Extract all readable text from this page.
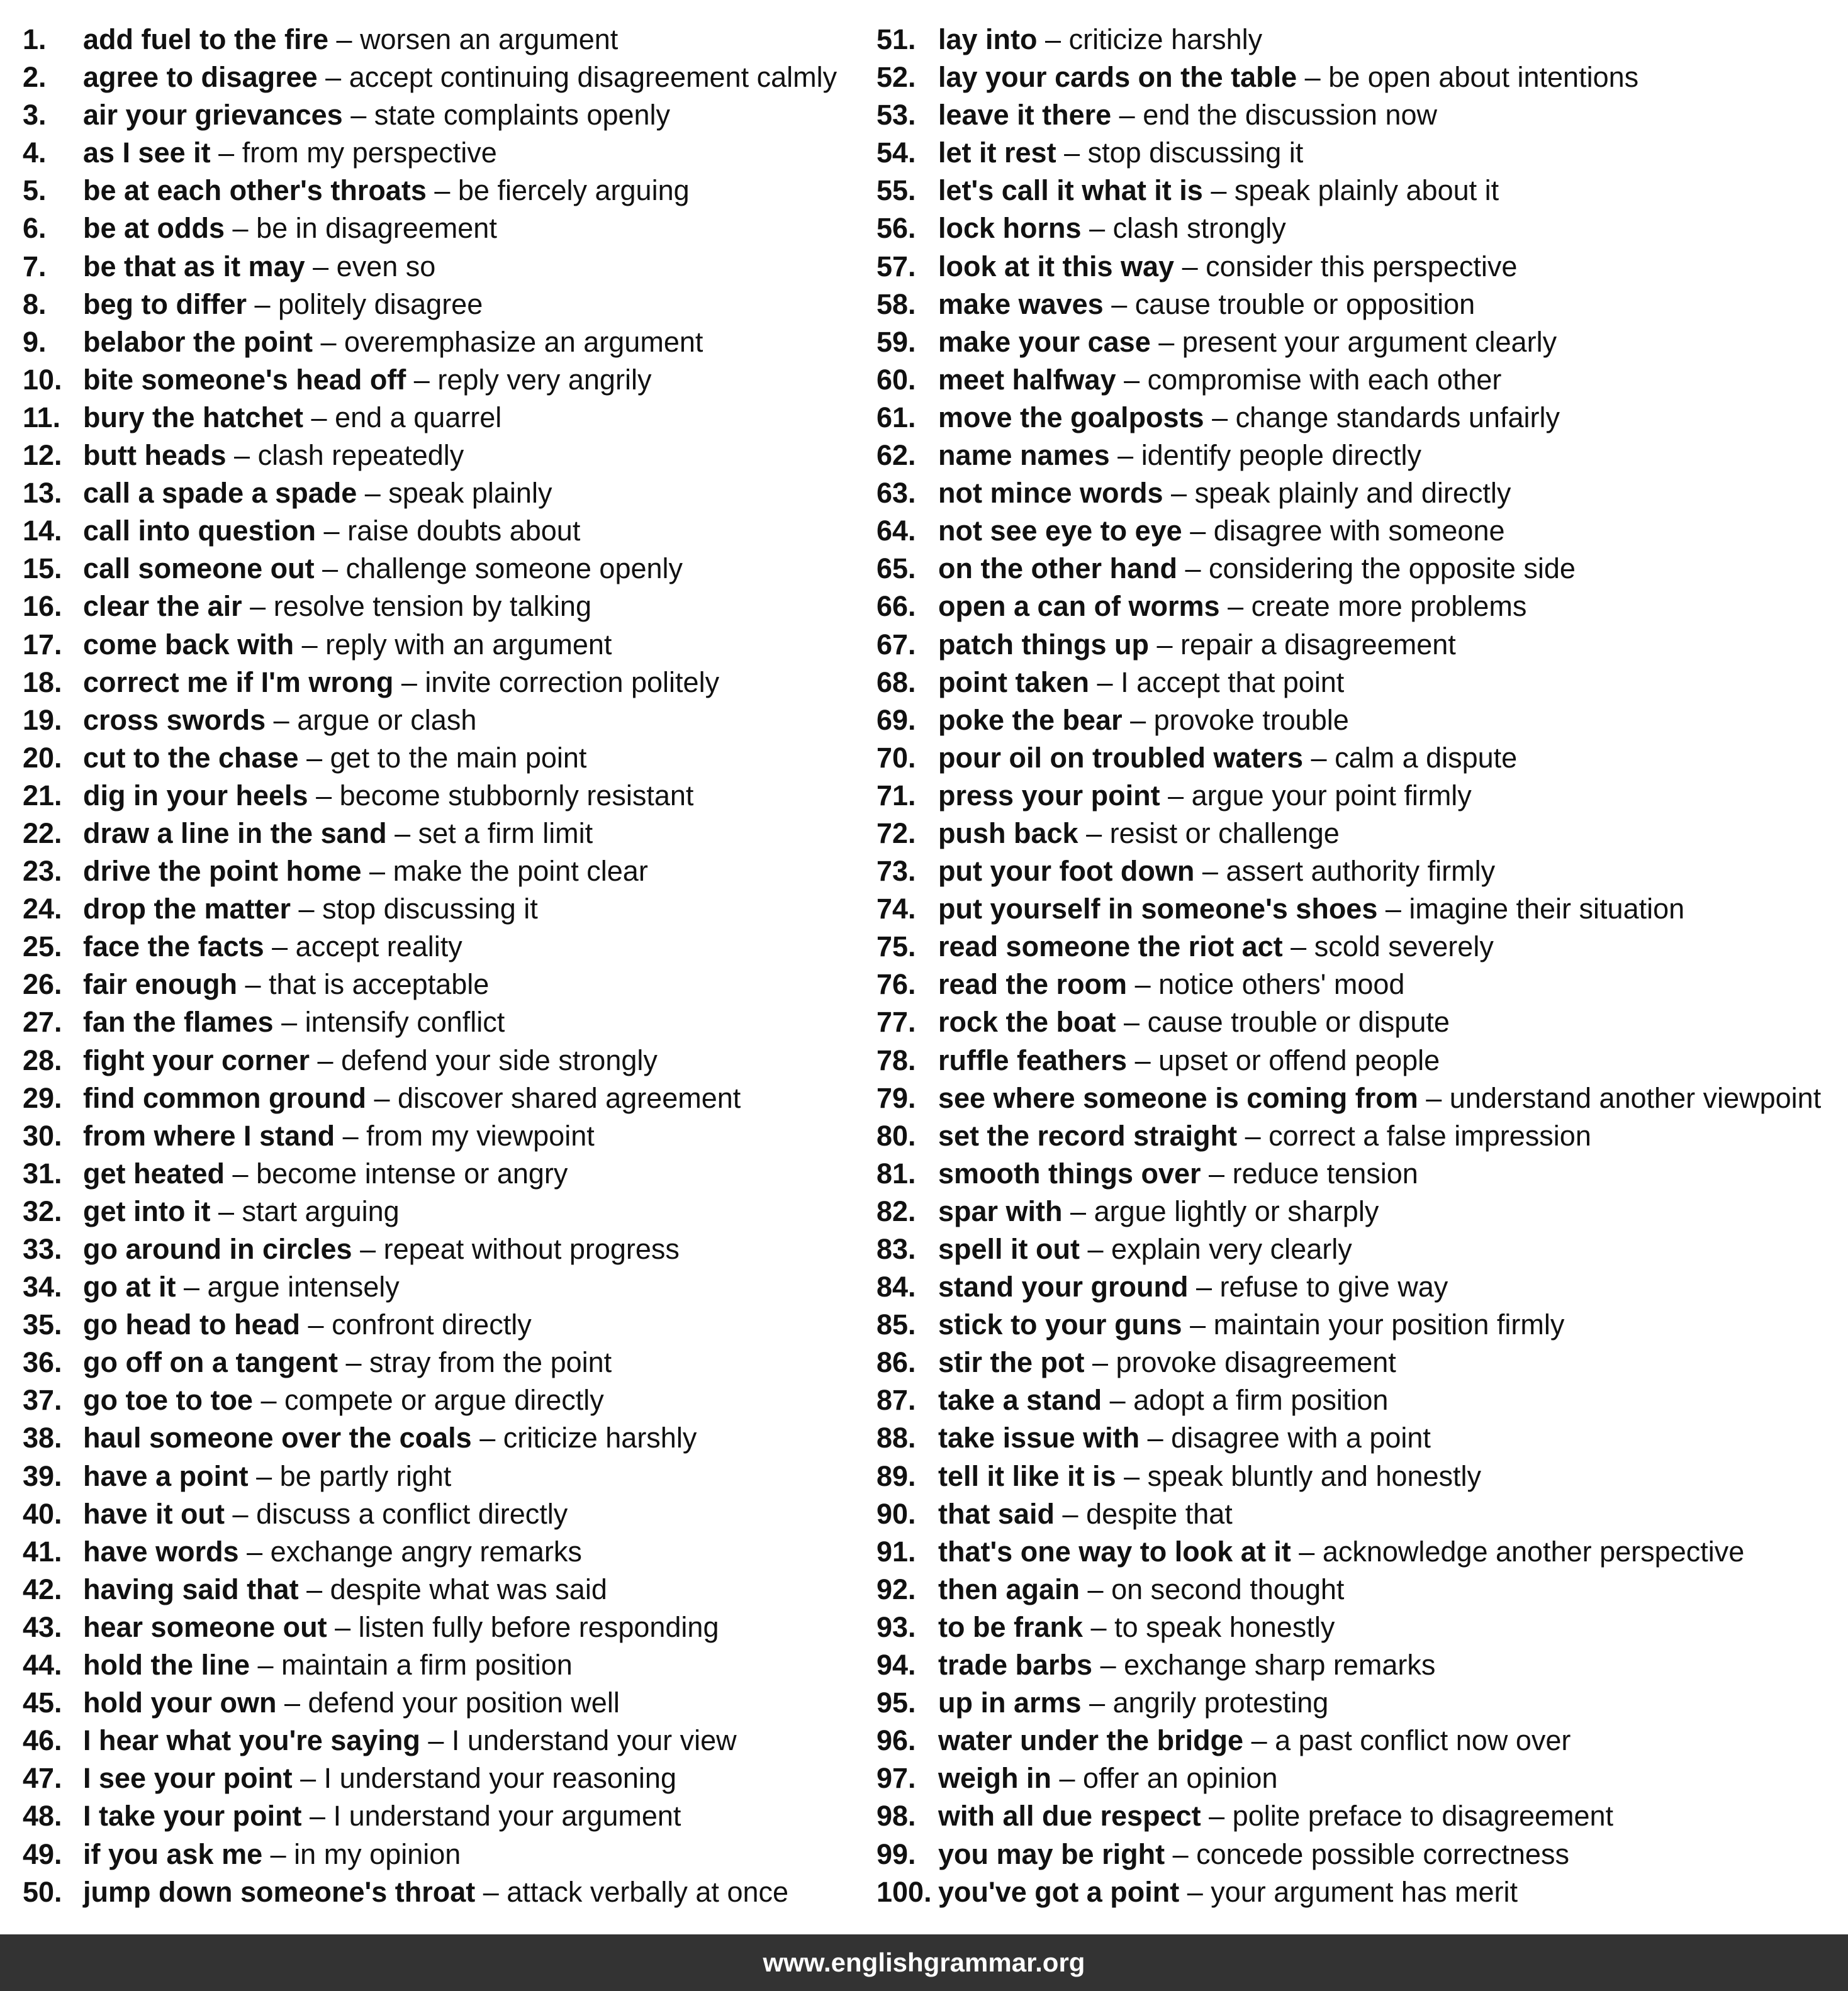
1.	add fuel to the fire – worsen an argument
2.	agree to disagree – accept continuing disagreement calmly
3.	air your grievances – state complaints openly
4.	as I see it – from my perspective
5.	be at each other's throats – be fiercely arguing
6.	be at odds – be in disagreement
7.	be that as it may – even so
8.	beg to differ – politely disagree
9.	belabor the point – overemphasize an argument
10. bite someone's head off – reply very angrily
11. bury the hatchet – end a quarrel
12. butt heads – clash repeatedly
13. call a spade a spade – speak plainly
14. call into question – raise doubts about
15. call someone out – challenge someone openly
16. clear the air – resolve tension by talking
17. come back with – reply with an argument
18. correct me if I'm wrong – invite correction politely
19. cross swords – argue or clash
20. cut to the chase – get to the main point
21. dig in your heels – become stubbornly resistant
22. draw a line in the sand – set a firm limit
23. drive the point home – make the point clear
24. drop the matter – stop discussing it
25. face the facts – accept reality
26. fair enough – that is acceptable
27. fan the flames – intensify conflict
28. fight your corner – defend your side strongly
29. find common ground – discover shared agreement
30. from where I stand – from my viewpoint
31. get heated – become intense or angry
32. get into it – start arguing
33. go around in circles – repeat without progress
34. go at it – argue intensely
35. go head to head – confront directly
36. go off on a tangent – stray from the point
37. go toe to toe – compete or argue directly
38. haul someone over the coals – criticize harshly
39. have a point – be partly right
40. have it out – discuss a conflict directly
41. have words – exchange angry remarks
42. having said that – despite what was said
43. hear someone out – listen fully before responding
44. hold the line – maintain a firm position
45. hold your own – defend your position well
46. I hear what you're saying – I understand your view
47. I see your point – I understand your reasoning
48. I take your point – I understand your argument
49. if you ask me – in my opinion
50. jump down someone's throat – attack verbally at once
51. lay into – criticize harshly
52. lay your cards on the table – be open about intentions
53. leave it there – end the discussion now
54. let it rest – stop discussing it
55. let's call it what it is – speak plainly about it
56. lock horns – clash strongly
57. look at it this way – consider this perspective
58. make waves – cause trouble or opposition
59. make your case – present your argument clearly
60. meet halfway – compromise with each other
61. move the goalposts – change standards unfairly
62. name names – identify people directly
63. not mince words – speak plainly and directly
64. not see eye to eye – disagree with someone
65. on the other hand – considering the opposite side
66. open a can of worms – create more problems
67. patch things up – repair a disagreement
68. point taken – I accept that point
69. poke the bear – provoke trouble
70. pour oil on troubled waters – calm a dispute
71. press your point – argue your point firmly
72. push back – resist or challenge
73. put your foot down – assert authority firmly
74. put yourself in someone's shoes – imagine their situation
75. read someone the riot act – scold severely
76. read the room – notice others' mood
77. rock the boat – cause trouble or dispute
78. ruffle feathers – upset or offend people
79. see where someone is coming from – understand another viewpoint
80. set the record straight – correct a false impression
81. smooth things over – reduce tension
82. spar with – argue lightly or sharply
83. spell it out – explain very clearly
84. stand your ground – refuse to give way
85. stick to your guns – maintain your position firmly
86. stir the pot – provoke disagreement
87. take a stand – adopt a firm position
88. take issue with – disagree with a point
89. tell it like it is – speak bluntly and honestly
90. that said – despite that
91. that's one way to look at it – acknowledge another perspective
92. then again – on second thought
93. to be frank – to speak honestly
94. trade barbs – exchange sharp remarks
95. up in arms – angrily protesting
96. water under the bridge – a past conflict now over
97. weigh in – offer an opinion
98. with all due respect – polite preface to disagreement
99. you may be right – concede possible correctness
100. you've got a point – your argument has merit
www.englishgrammar.org
